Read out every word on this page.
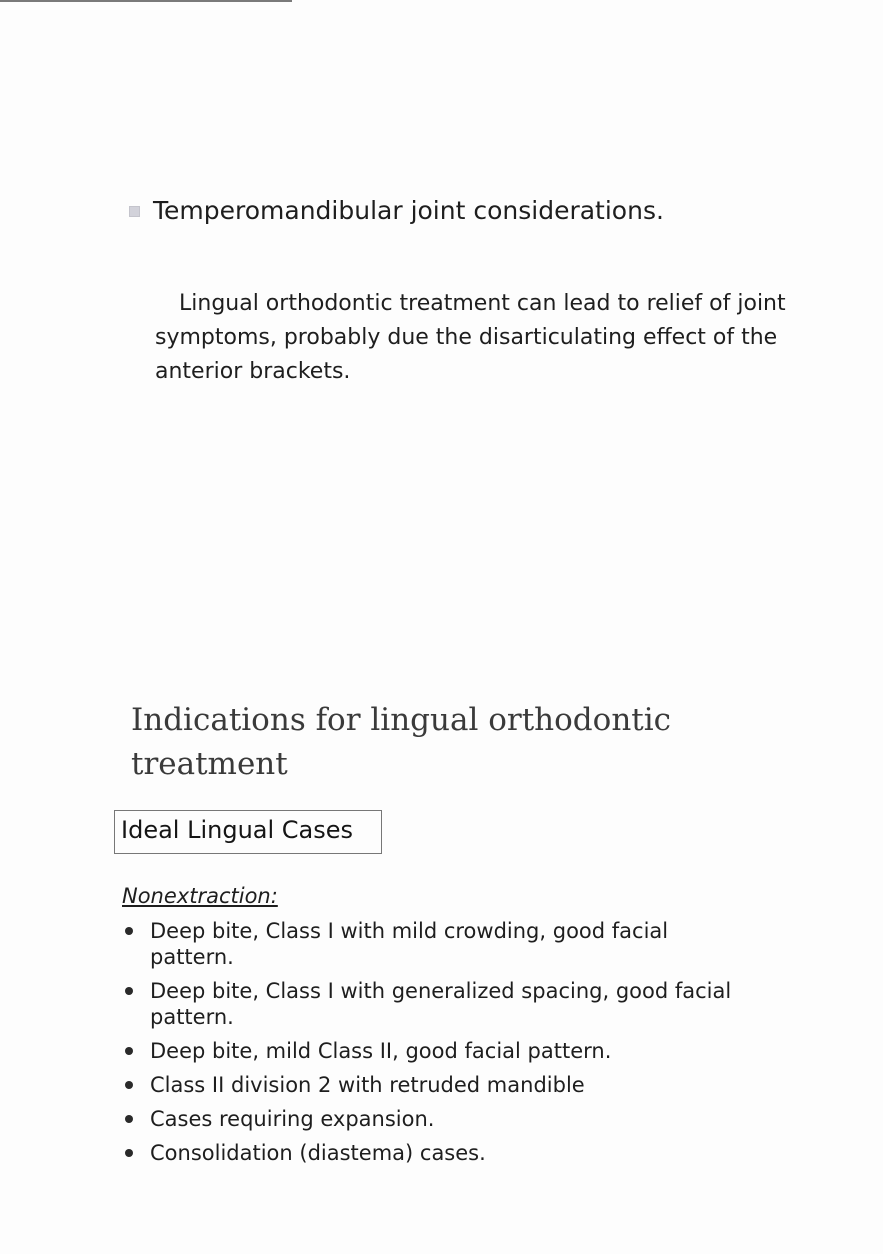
Temperomandibular joint considerations.

Lingual orthodontic treatment can lead to relief of joint symptoms, probably due the disarticulating effect of the anterior brackets.

Indications for lingual orthodontic treatment
Ideal Lingual Cases
Nonextraction:
Deep bite, Class I with mild crowding, good facial pattern.
Deep bite, Class I with generalized spacing, good facial pattern.
Deep bite, mild Class II, good facial pattern.
Class II division 2 with retruded mandible
Cases requiring expansion.
Consolidation (diastema) cases.
